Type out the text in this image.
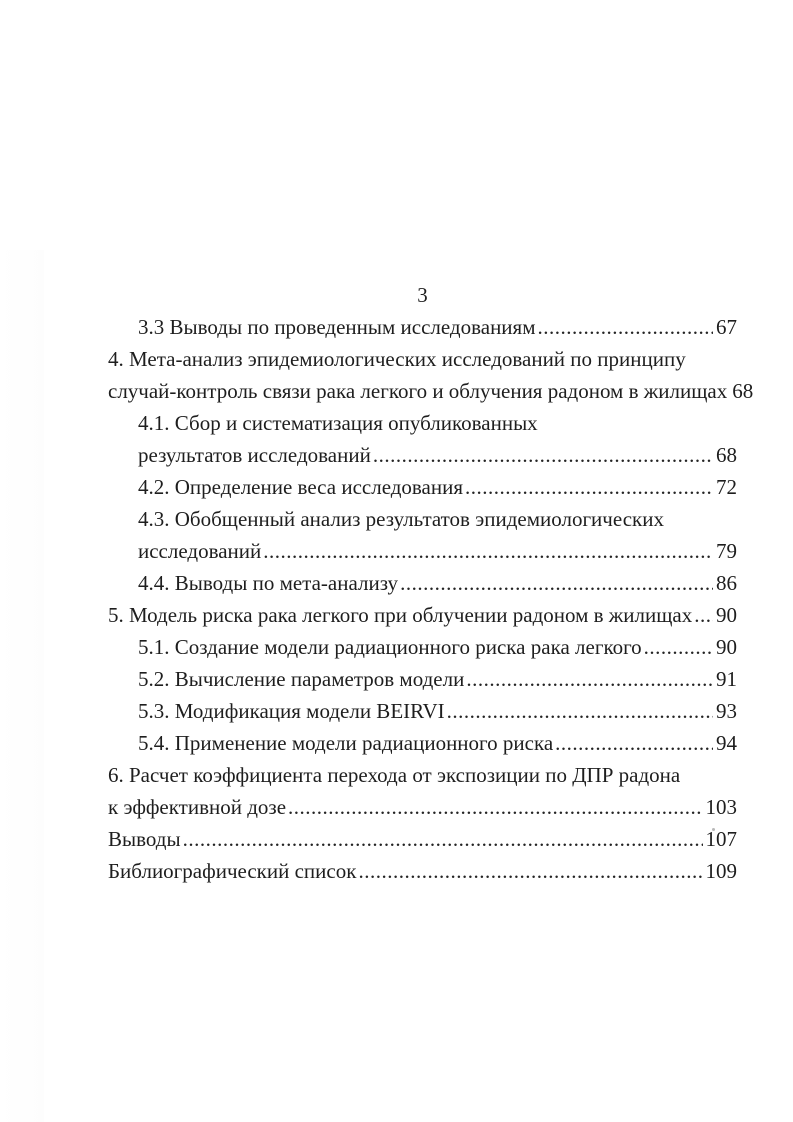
3
3.3 Выводы по проведенным исследованиям .....	67
4. Мета-анализ эпидемиологических исследований по принципу
случай-контроль связи рака легкого и облучения радоном в жилищах 68
4.1. Сбор и систематизация опубликованных
результатов исследований .....	68
4.2. Определение веса исследования .....	72
4.3. Обобщенный анализ результатов эпидемиологических
исследований .....	79
4.4. Выводы по мета-анализу .....	86
5. Модель риска рака легкого при облучении радоном в жилищах ..... 90
5.1. Создание модели радиационного риска рака легкого .....	90
5.2. Вычисление параметров модели .....	91
5.3. Модификация модели BEIRVI .....	93
5.4. Применение модели радиационного риска .....	94
6. Расчет коэффициента перехода от экспозиции по ДПР радона
к эффективной дозе .....	103
Выводы .....	107
Библиографический список .....	109
